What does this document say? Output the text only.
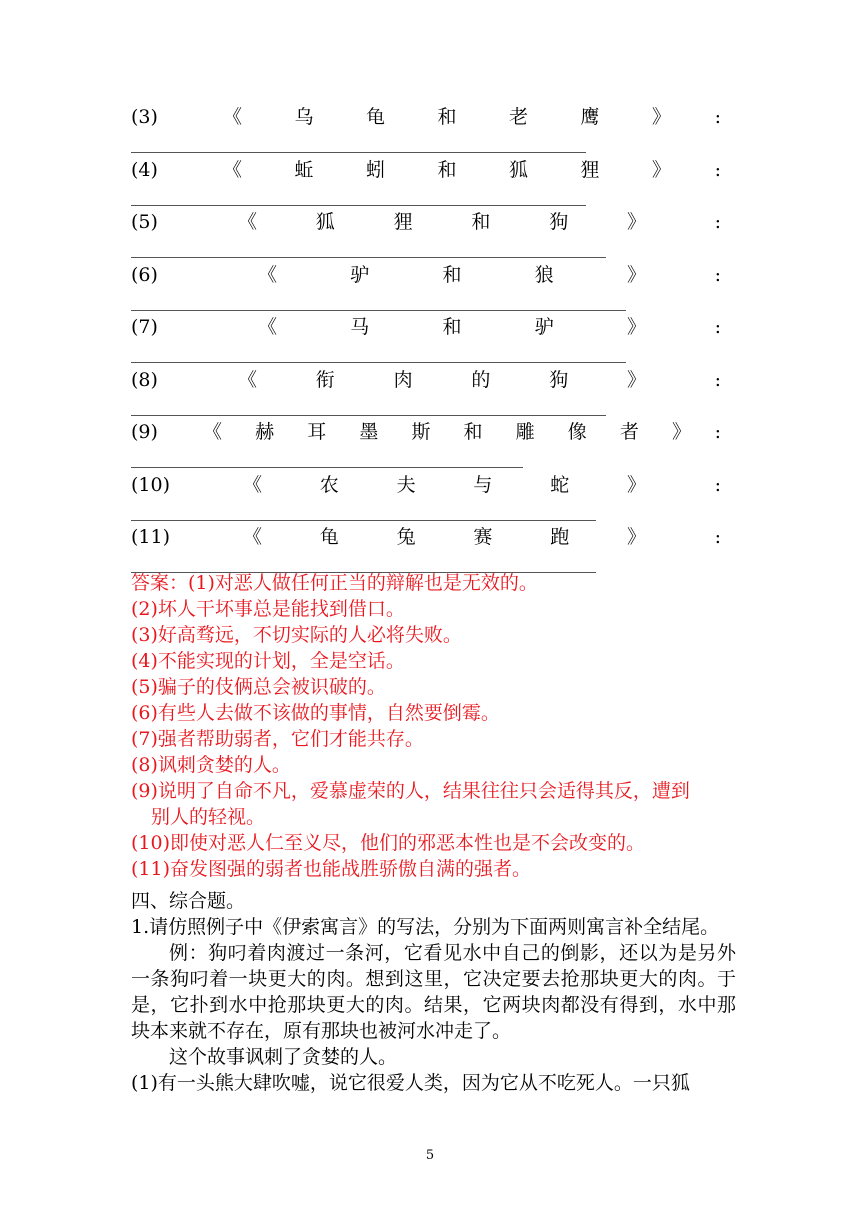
(3)	《	乌	龟	和	老	鹰	》	:
(4)	《	蚯	蚓	和	狐	狸	》	:
(5)	《	狐	狸	和	狗	》	:
(6)	《	驴	和	狼	》	:
(7)	《	马	和	驴	》	:
(8)	《	衔	肉	的	狗	》	:
(9)	《 赫 耳 墨 斯 和 雕 像 者 》	:
(10)	《	农	夫	与	蛇	》	:
(11)	《	龟	兔	赛	跑	》	:
答案：(1)对恶人做任何正当的辩解也是无效的。
(2)坏人干坏事总是能找到借口。
(3)好高骛远，不切实际的人必将失败。
(4)不能实现的计划，全是空话。
(5)骗子的伎俩总会被识破的。
(6)有些人去做不该做的事情，自然要倒霉。
(7)强者帮助弱者，它们才能共存。
(8)讽刺贪婪的人。
(9)说明了自命不凡，爱慕虚荣的人，结果往往只会适得其反，遭到
别人的轻视。
(10)即使对恶人仁至义尽，他们的邪恶本性也是不会改变的。
(11)奋发图强的弱者也能战胜骄傲自满的强者。

四、综合题。

1.请仿照例子中《伊索寓言》的写法，分别为下面两则寓言补全结尾。

例：狗叼着肉渡过一条河，它看见水中自己的倒影，还以为是另外一条狗叼着一块更大的肉。想到这里，它决定要去抢那块更大的肉。于是，它扑到水中抢那块更大的肉。结果，它两块肉都没有得到，水中那块本来就不存在，原有那块也被河水冲走了。

这个故事讽刺了贪婪的人。

(1)有一头熊大肆吹嘘，说它很爱人类，因为它从不吃死人。一只狐

5
